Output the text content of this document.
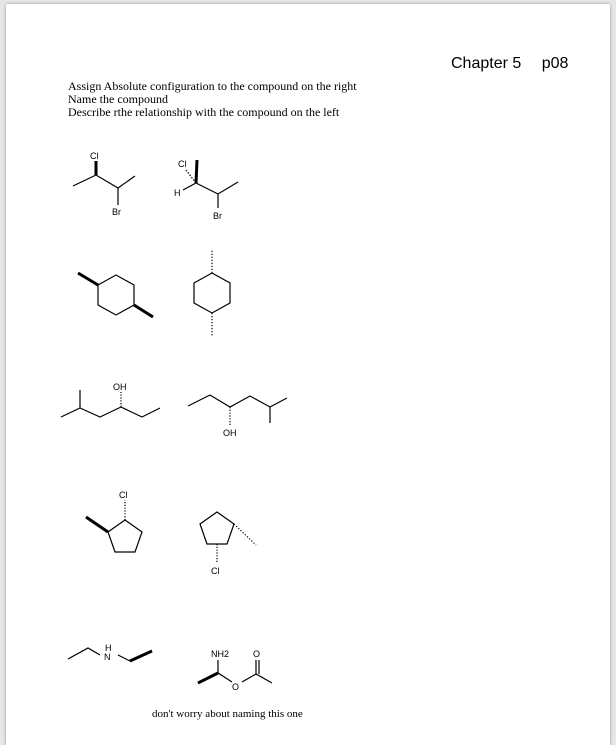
Chapter 5 p08
Assign Absolute configuration to the compound on the right
Name the compound
Describe rthe relationship with the compound on the left
Cl
Br
Cl
H
Br
OH
OH
Cl
Cl
H
N	NH2
O
O
don't worry about naming this one
